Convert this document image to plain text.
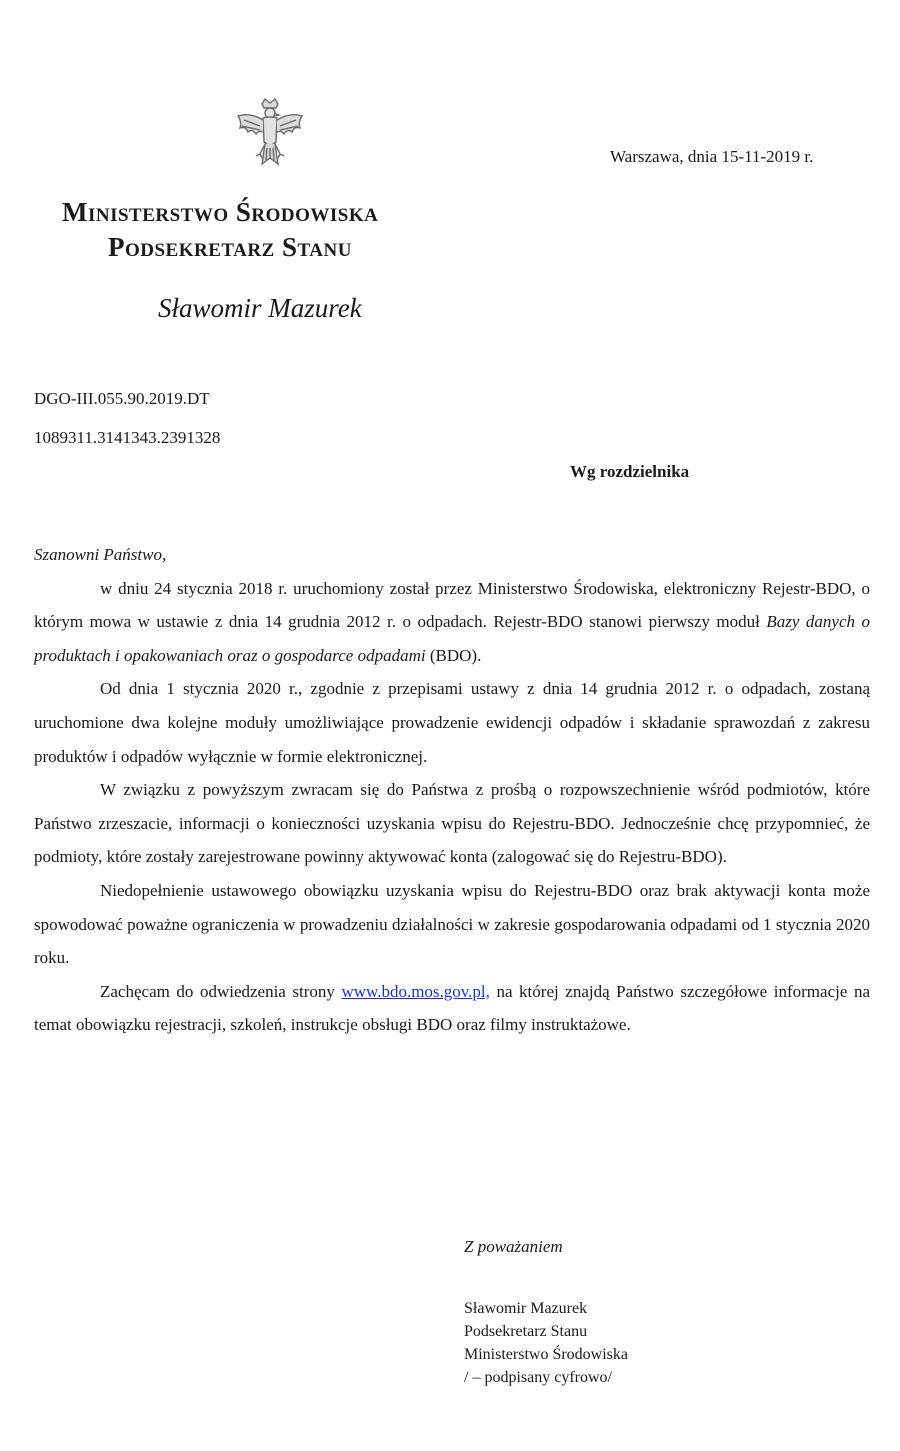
Warszawa, dnia 15-11-2019 r.
Ministerstwo Środowiska
Podsekretarz Stanu
Sławomir Mazurek
DGO-III.055.90.2019.DT
1089311.3141343.2391328
Wg rozdzielnika

Szanowni Państwo,

w dniu 24 stycznia 2018 r. uruchomiony został przez Ministerstwo Środowiska, elektroniczny Rejestr-BDO, o którym mowa w ustawie z dnia 14 grudnia 2012 r. o odpadach. Rejestr-BDO stanowi pierwszy moduł Bazy danych o produktach i opakowaniach oraz o gospodarce odpadami (BDO).

Od dnia 1 stycznia 2020 r., zgodnie z przepisami ustawy z dnia 14 grudnia 2012 r. o odpadach, zostaną uruchomione dwa kolejne moduły umożliwiające prowadzenie ewidencji odpadów i składanie sprawozdań z zakresu produktów i odpadów wyłącznie w formie elektronicznej.

W związku z powyższym zwracam się do Państwa z prośbą o rozpowszechnienie wśród podmiotów, które Państwo zrzeszacie, informacji o konieczności uzyskania wpisu do Rejestru-BDO. Jednocześnie chcę przypomnieć, że podmioty, które zostały zarejestrowane powinny aktywować konta (zalogować się do Rejestru-BDO).

Niedopełnienie ustawowego obowiązku uzyskania wpisu do Rejestru-BDO oraz brak aktywacji konta może spowodować poważne ograniczenia w prowadzeniu działalności w zakresie gospodarowania odpadami od 1 stycznia 2020 roku.

Zachęcam do odwiedzenia strony www.bdo.mos.gov.pl, na której znajdą Państwo szczegółowe informacje na temat obowiązku rejestracji, szkoleń, instrukcje obsługi BDO oraz filmy instruktażowe.

Z poważaniem
Sławomir Mazurek
Podsekretarz Stanu
Ministerstwo Środowiska
/ – podpisany cyfrowo/
